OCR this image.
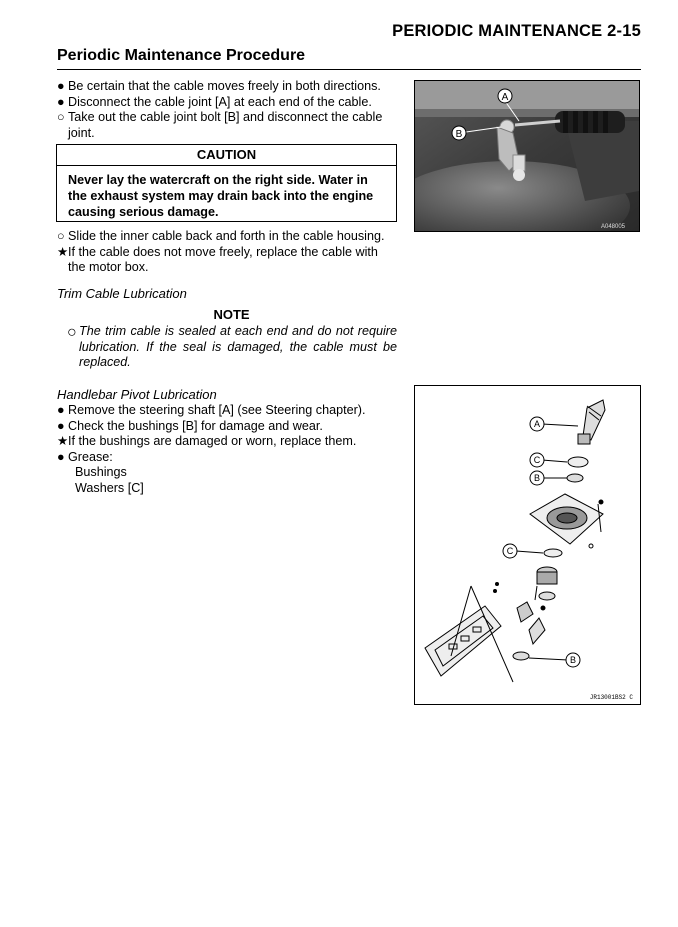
PERIODIC MAINTENANCE 2-15
Periodic Maintenance Procedure
● Be certain that the cable moves freely in both directions.
● Disconnect the cable joint [A] at each end of the cable.
○ Take out the cable joint bolt [B] and disconnect the cable
joint.
CAUTION
Never lay the watercraft on the right side. Water in
the exhaust system may drain back into the engine
causing serious damage.
○ Slide the inner cable back and forth in the cable housing.
★If the cable does not move freely, replace the cable with
the motor box.
Trim Cable Lubrication
NOTE
○ The trim cable is sealed at each end and do not require lubrication. If the seal is damaged, the cable must be replaced.
Handlebar Pivot Lubrication
● Remove the steering shaft [A] (see Steering chapter).
● Check the bushings [B] for damage and wear.
★If the bushings are damaged or worn, replace them.
● Grease:
Bushings
Washers [C]
A
B
A048005
A
C
B
C
B
JR13001BS2 C
